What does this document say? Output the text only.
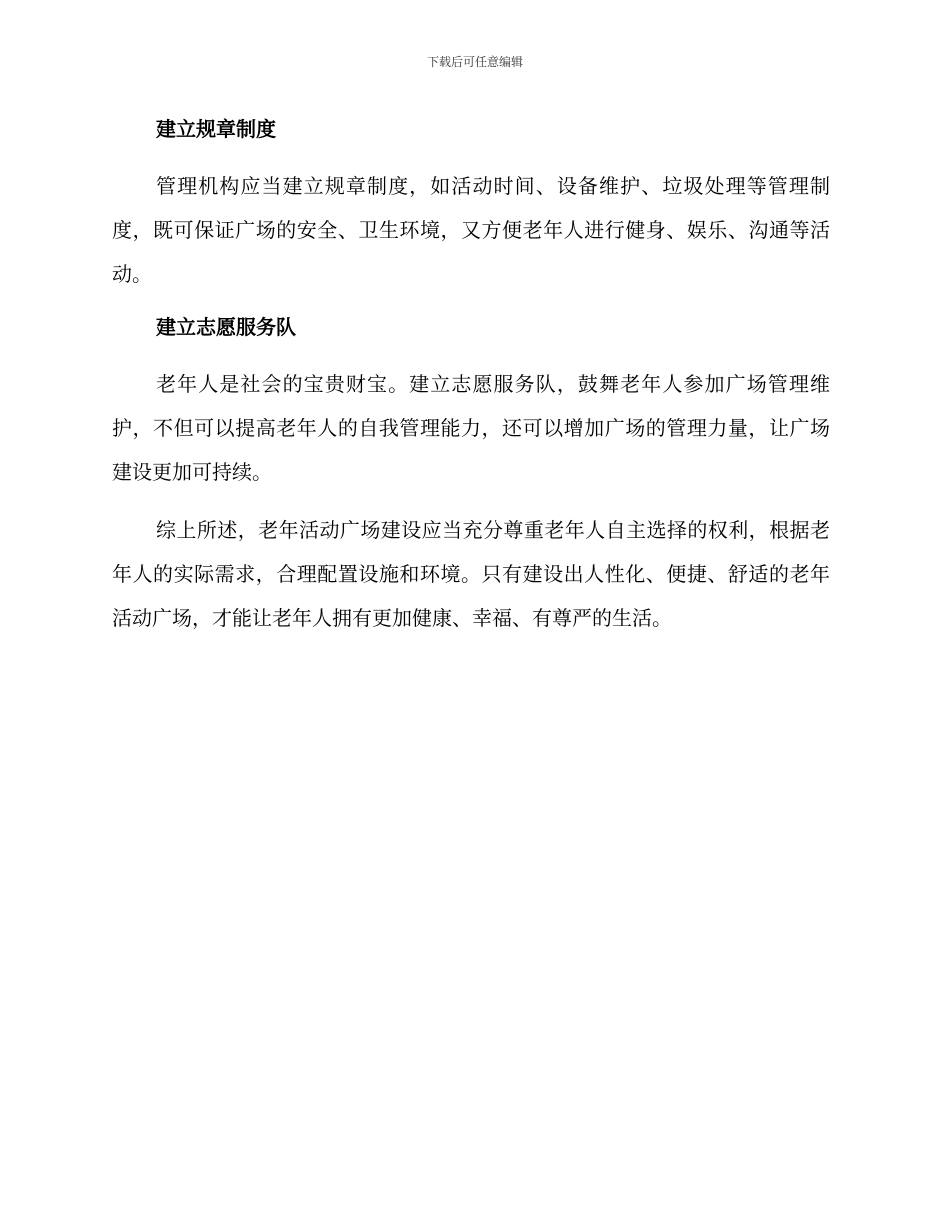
下载后可任意编辑
建立规章制度

管理机构应当建立规章制度，如活动时间、设备维护、垃圾处理等管理制度，既可保证广场的安全、卫生环境，又方便老年人进行健身、娱乐、沟通等活动。

建立志愿服务队

老年人是社会的宝贵财宝。建立志愿服务队，鼓舞老年人参加广场管理维护，不但可以提高老年人的自我管理能力，还可以增加广场的管理力量，让广场建设更加可持续。

综上所述，老年活动广场建设应当充分尊重老年人自主选择的权利，根据老年人的实际需求，合理配置设施和环境。只有建设出人性化、便捷、舒适的老年活动广场，才能让老年人拥有更加健康、幸福、有尊严的生活。
